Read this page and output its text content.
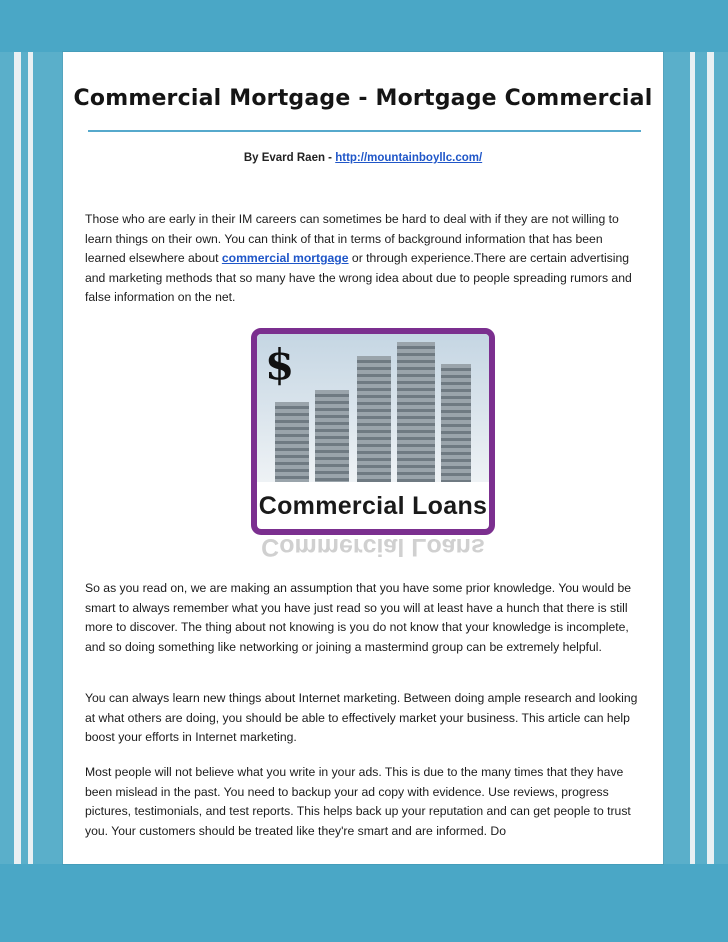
Commercial Mortgage - Mortgage Commercial
By Evard Raen - http://mountainboyllc.com/
Those who are early in their IM careers can sometimes be hard to deal with if they are not willing to learn things on their own. You can think of that in terms of background information that has been learned elsewhere about commercial mortgage or through experience.There are certain advertising and marketing methods that so many have the wrong idea about due to people spreading rumors and false information on the net.
$
Commercial Loans
Commercial Loans
So as you read on, we are making an assumption that you have some prior knowledge. You would be smart to always remember what you have just read so you will at least have a hunch that there is still more to discover. The thing about not knowing is you do not know that your knowledge is incomplete, and so doing something like networking or joining a mastermind group can be extremely helpful.
You can always learn new things about Internet marketing. Between doing ample research and looking at what others are doing, you should be able to effectively market your business. This article can help boost your efforts in Internet marketing.
Most people will not believe what you write in your ads. This is due to the many times that they have been mislead in the past. You need to backup your ad copy with evidence. Use reviews, progress pictures, testimonials, and test reports. This helps back up your reputation and can get people to trust you. Your customers should be treated like they're smart and are informed. Do
